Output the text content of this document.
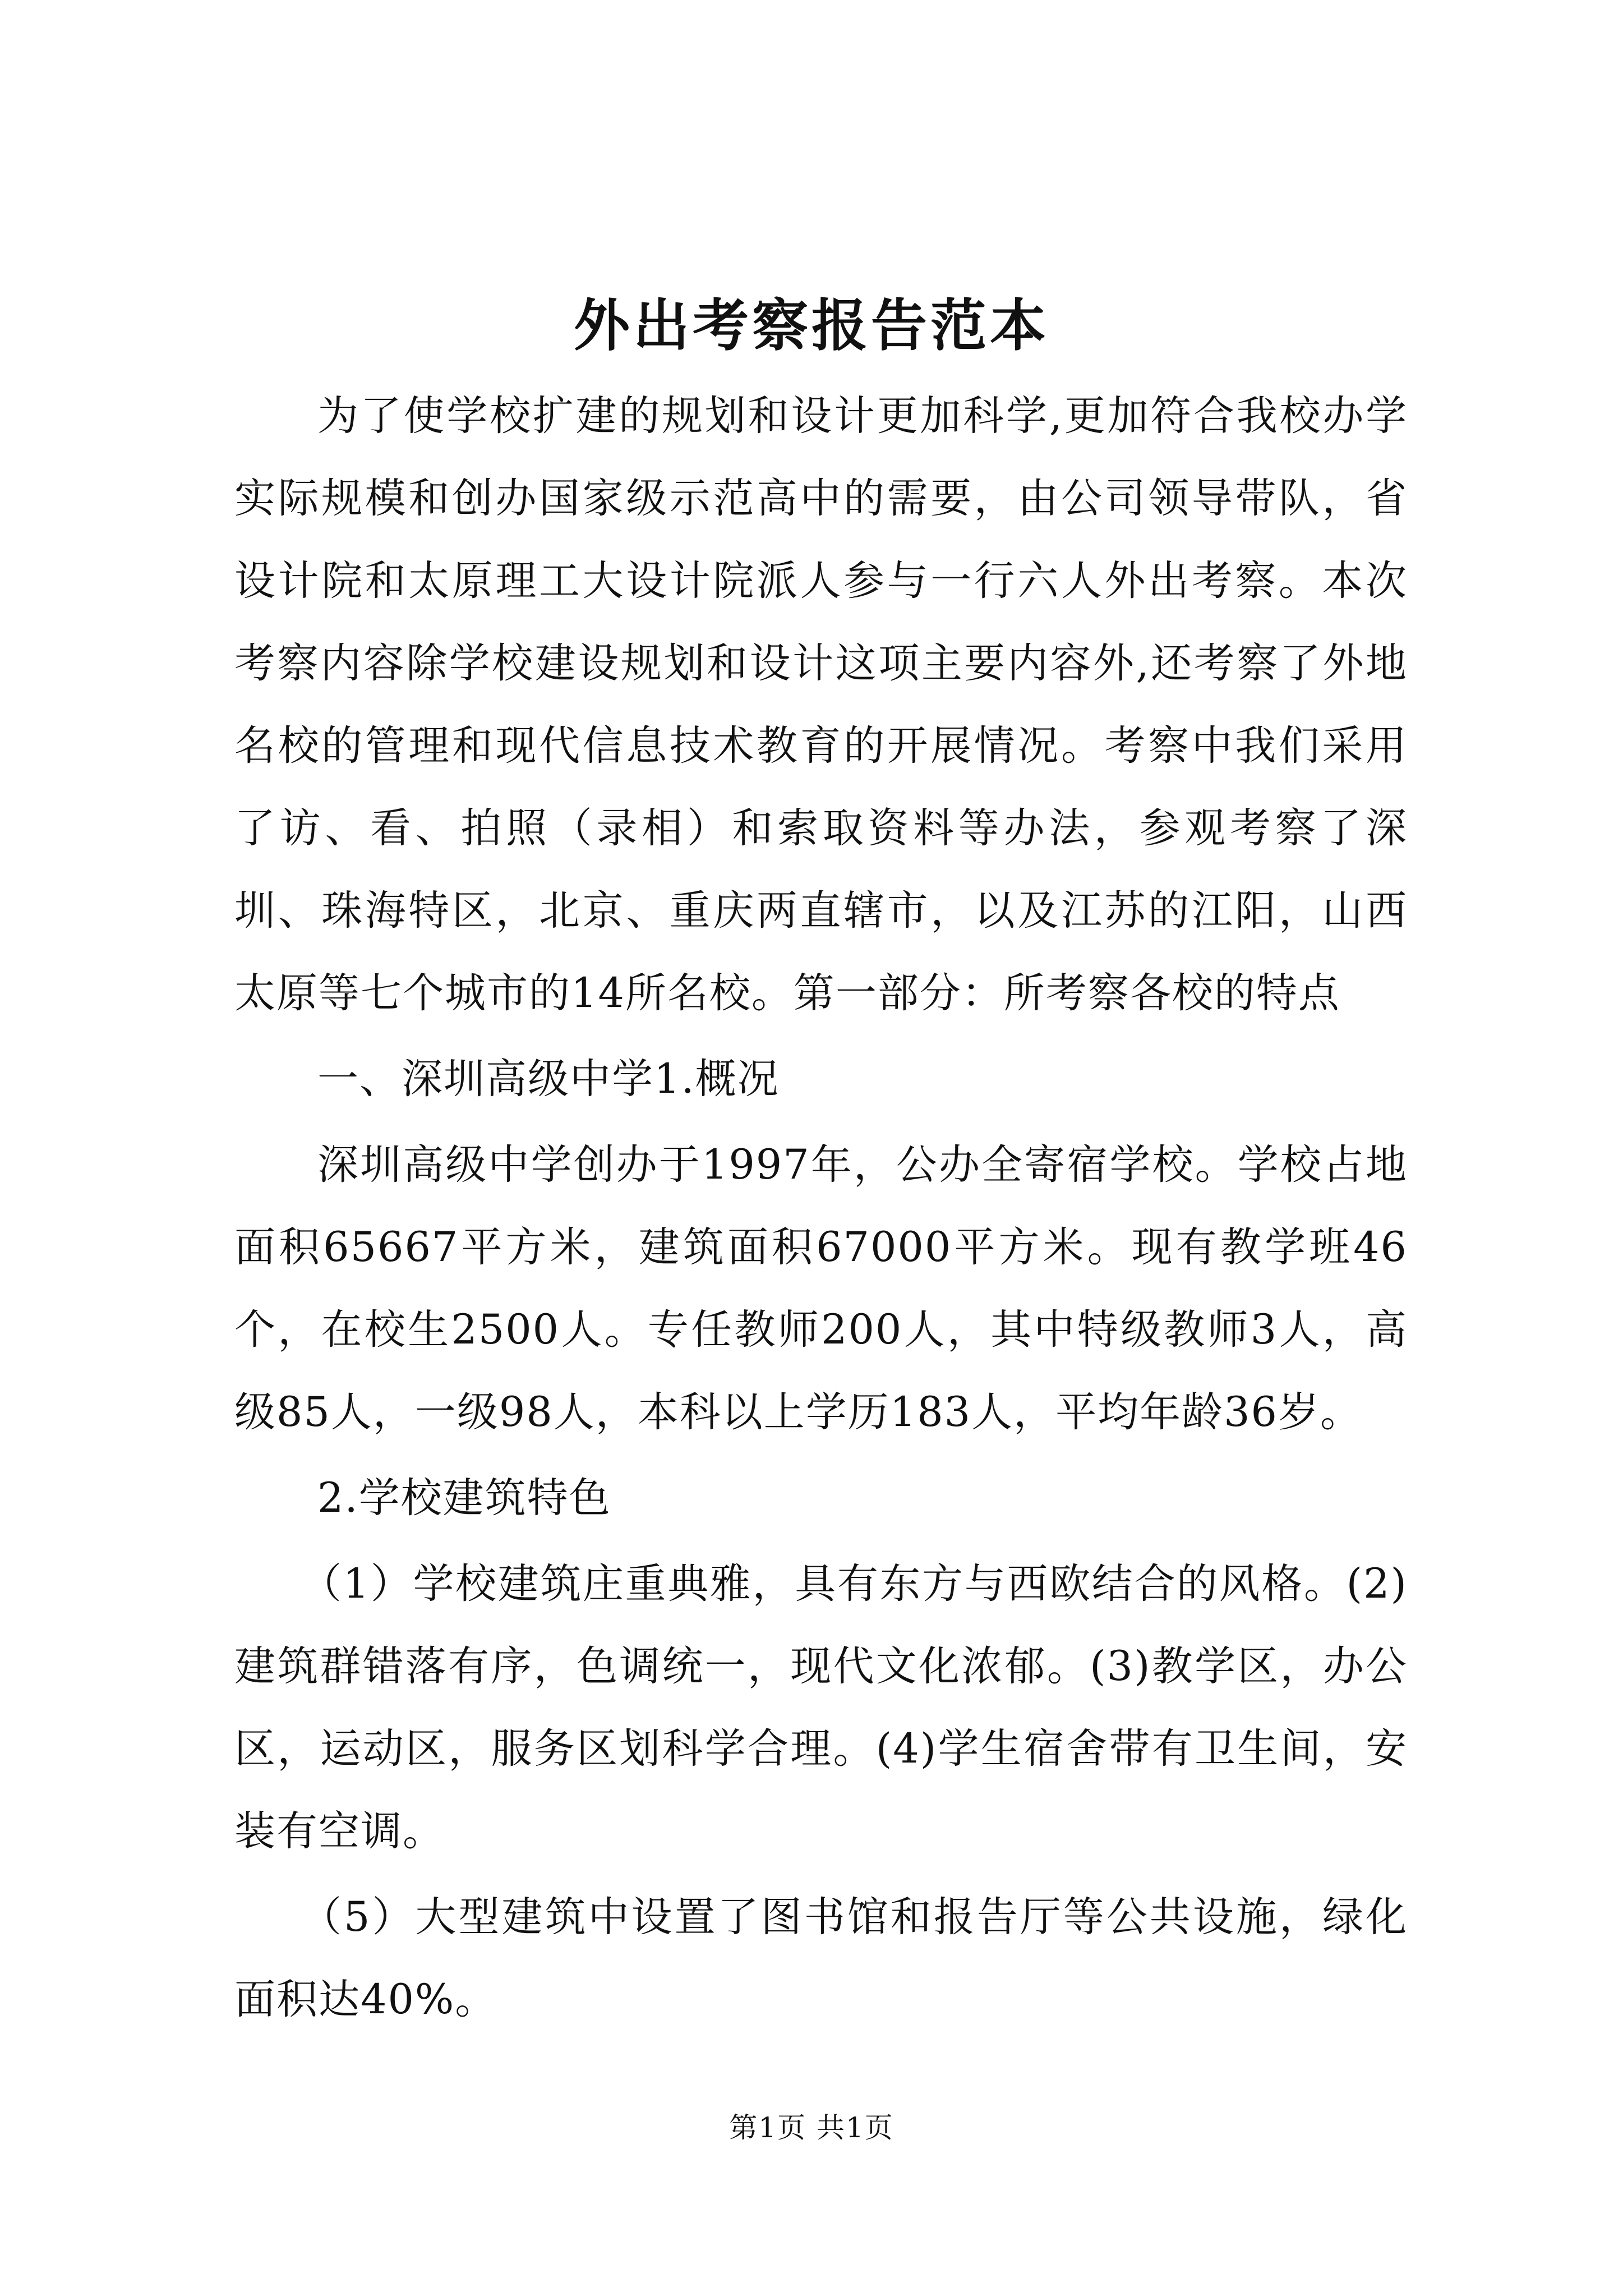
外出考察报告范本

为了使学校扩建的规划和设计更加科学,更加符合我校办学实际规模和创办国家级示范高中的需要，由公司领导带队，省设计院和太原理工大设计院派人参与一行六人外出考察。本次考察内容除学校建设规划和设计这项主要内容外,还考察了外地名校的管理和现代信息技术教育的开展情况。考察中我们采用了访、看、拍照（录相）和索取资料等办法，参观考察了深圳、珠海特区，北京、重庆两直辖市，以及江苏的江阳，山西太原等七个城市的14所名校。第一部分：所考察各校的特点

一、深圳高级中学1.概况

深圳高级中学创办于1997年，公办全寄宿学校。学校占地面积65667平方米，建筑面积67000平方米。现有教学班46个，在校生2500人。专任教师200人，其中特级教师3人，高级85人，一级98人，本科以上学历183人，平均年龄36岁。

2.学校建筑特色

（1）学校建筑庄重典雅，具有东方与西欧结合的风格。(2)建筑群错落有序，色调统一，现代文化浓郁。(3)教学区，办公区，运动区，服务区划科学合理。(4)学生宿舍带有卫生间，安装有空调。

（5）大型建筑中设置了图书馆和报告厅等公共设施，绿化面积达40%。

第1页 共1页
